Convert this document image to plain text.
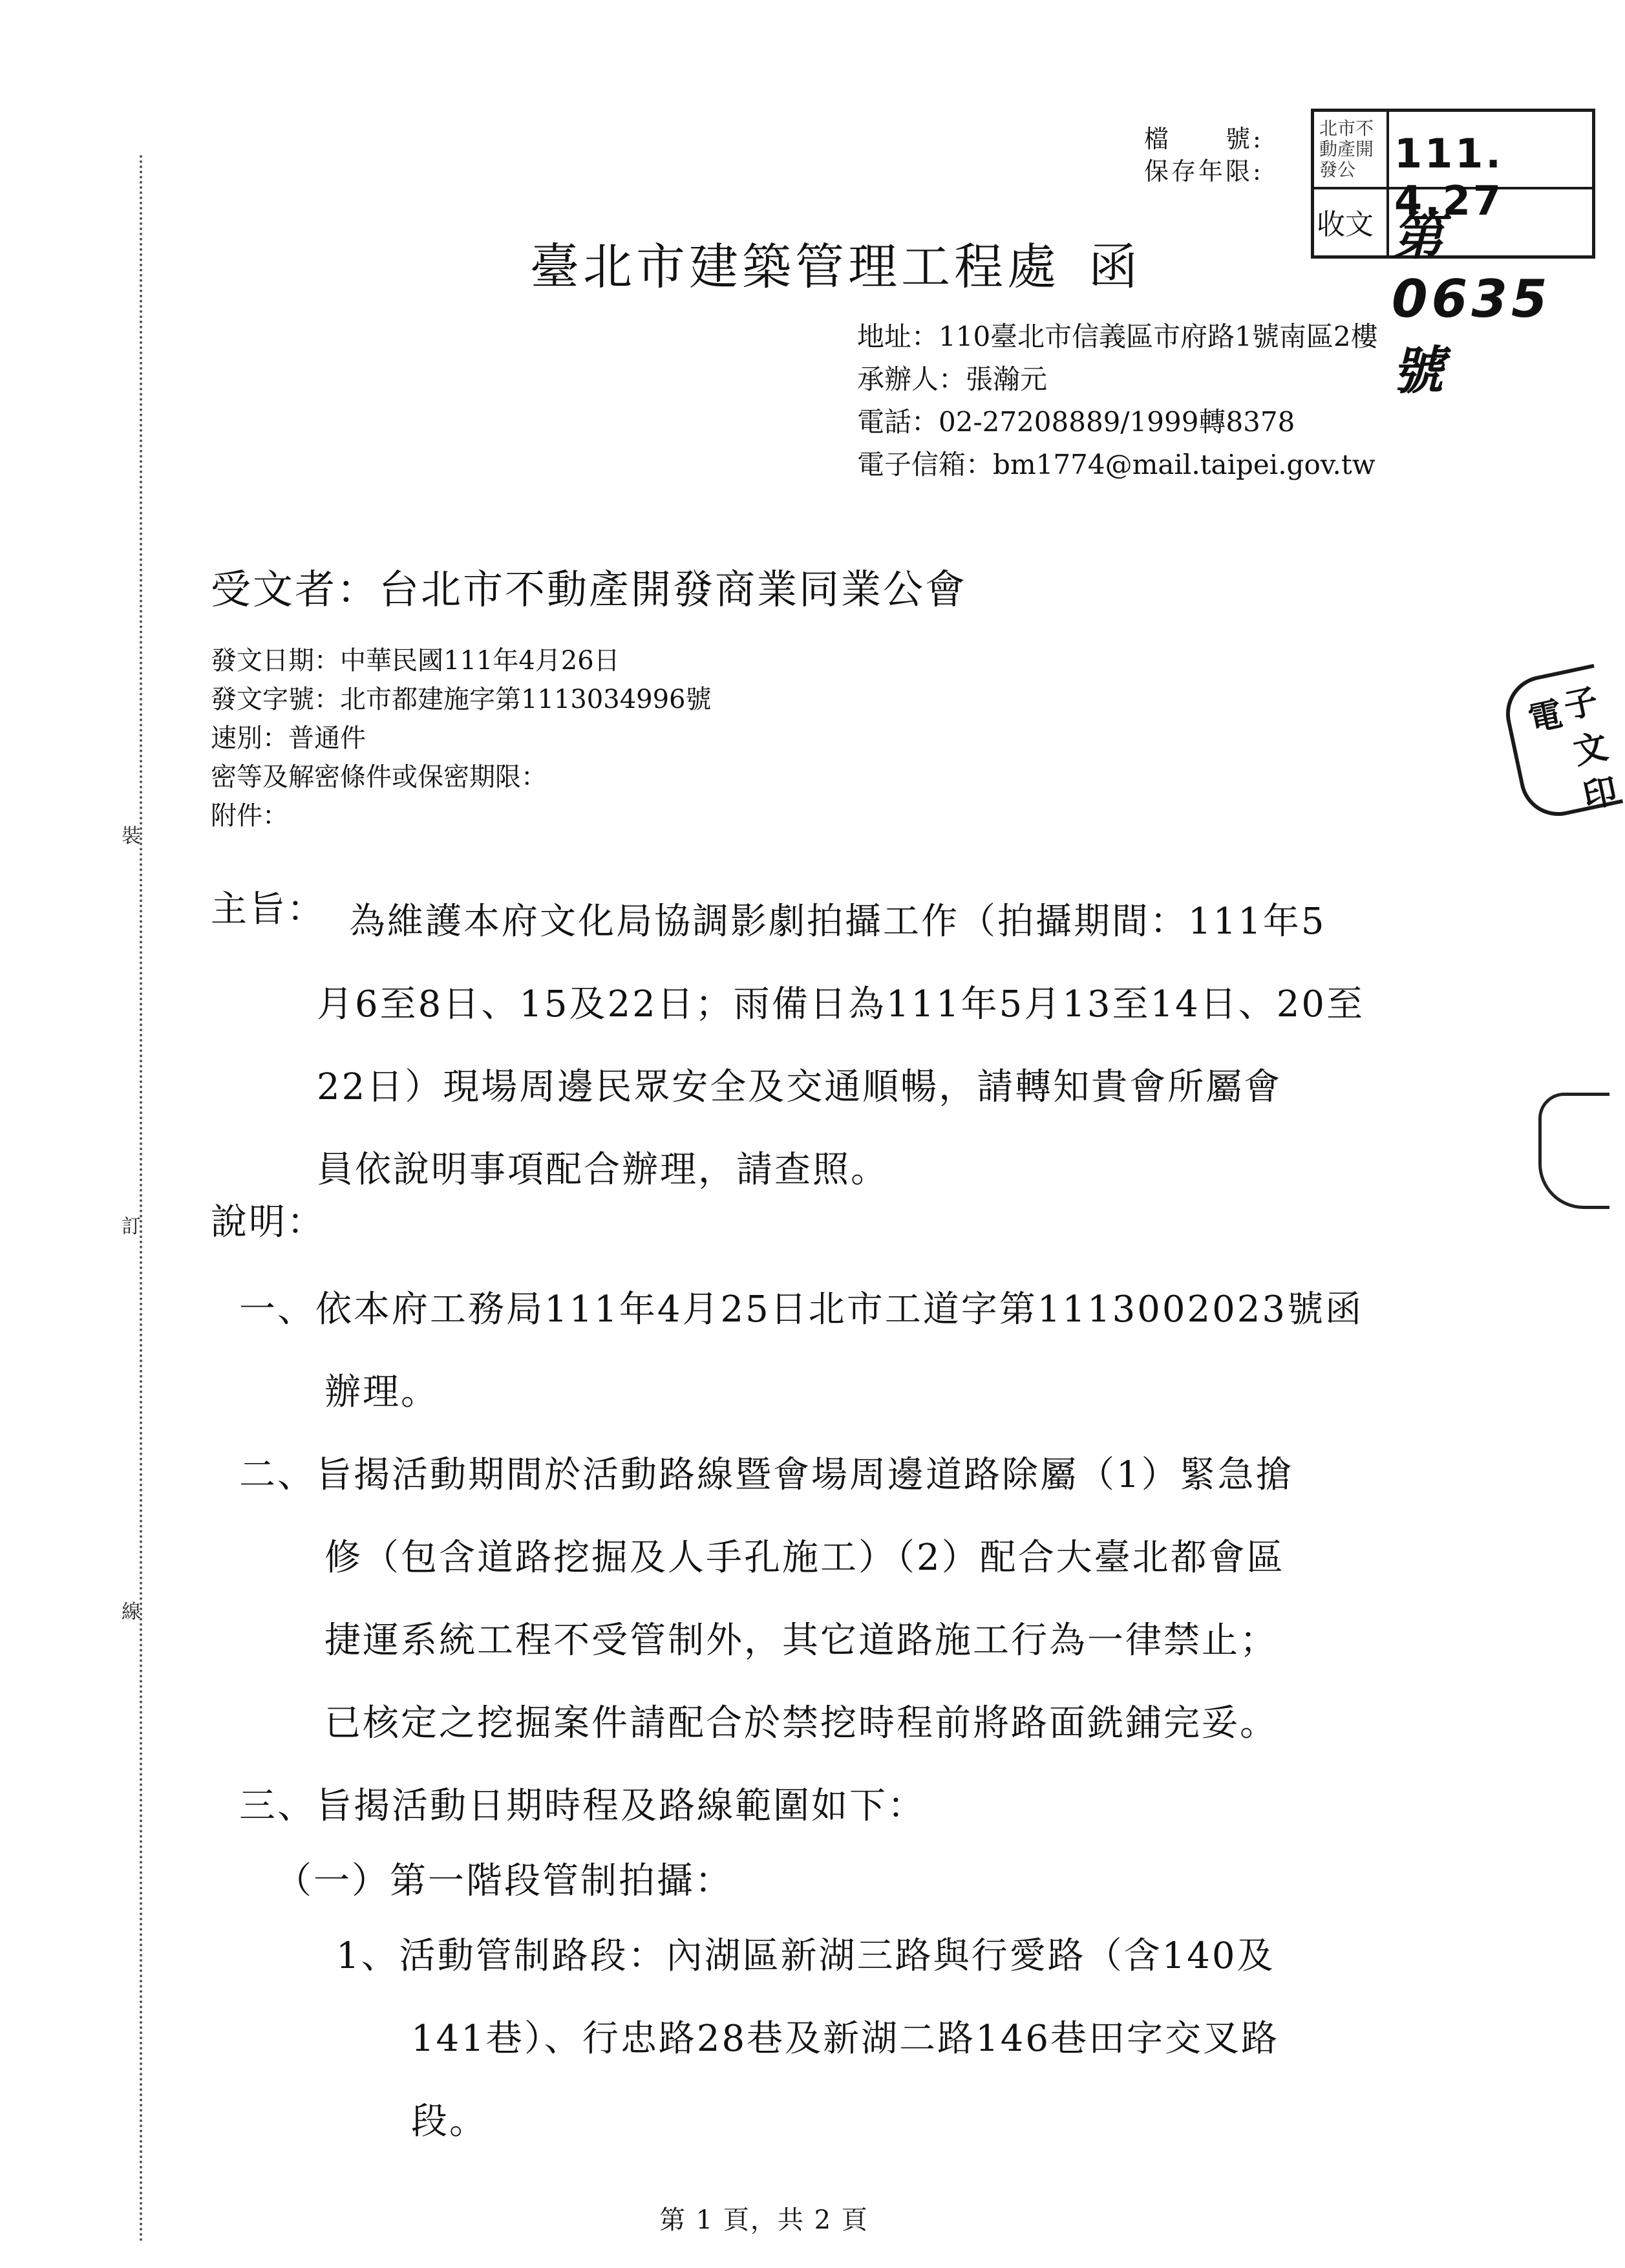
裝
訂
線
檔　　號:
保存年限:
北市不動產開發公 111. 4.27
收文 第0635號
臺北市建築管理工程處 函
地址：110臺北市信義區市府路1號南區2樓
承辦人：張瀚元
電話：02-27208889/1999轉8378
電子信箱：bm1774@mail.taipei.gov.tw
受文者：台北市不動產開發商業同業公會
發文日期：中華民國111年4月26日
發文字號：北市都建施字第1113034996號
速別：普通件
密等及解密條件或保密期限：
附件：
主旨： 為維護本府文化局協調影劇拍攝工作（拍攝期間：111年5

月6至8日、15及22日；雨備日為111年5月13至14日、20至

22日）現場周邊民眾安全及交通順暢，請轉知貴會所屬會

員依說明事項配合辦理，請查照。

說明：
一、依本府工務局111年4月25日北市工道字第1113002023號函
辦理。
二、旨揭活動期間於活動路線暨會場周邊道路除屬（1）緊急搶
修（包含道路挖掘及人手孔施工）（2）配合大臺北都會區
捷運系統工程不受管制外，其它道路施工行為一律禁止；
已核定之挖掘案件請配合於禁挖時程前將路面銑鋪完妥。
三、旨揭活動日期時程及路線範圍如下：
（一）第一階段管制拍攝：
1、活動管制路段：內湖區新湖三路與行愛路（含140及
141巷）、行忠路28巷及新湖二路146巷田字交叉路
段。
電
子
文
印
第 1 頁，共 2 頁
